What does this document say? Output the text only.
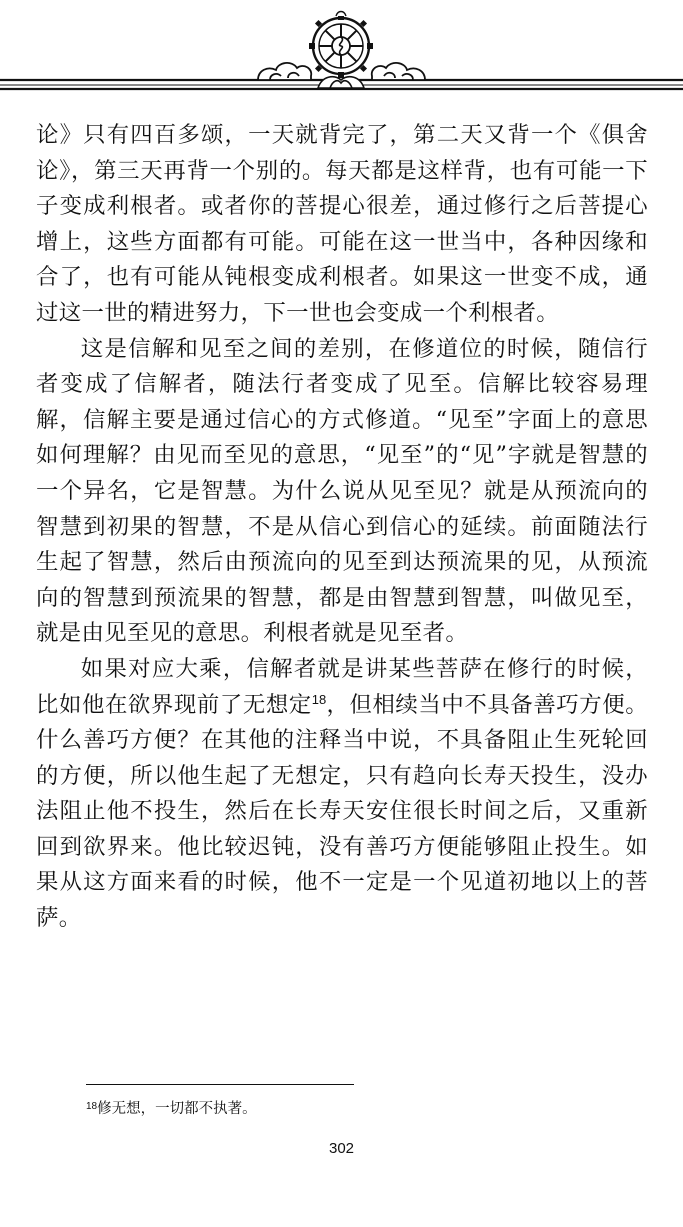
论》只有四百多颂，一天就背完了，第二天又背一个《俱舍论》，第三天再背一个别的。每天都是这样背，也有可能一下子变成利根者。或者你的菩提心很差，通过修行之后菩提心增上，这些方面都有可能。可能在这一世当中，各种因缘和合了，也有可能从钝根变成利根者。如果这一世变不成，通过这一世的精进努力，下一世也会变成一个利根者。

这是信解和见至之间的差别，在修道位的时候，随信行者变成了信解者，随法行者变成了见至。信解比较容易理解，信解主要是通过信心的方式修道。“见至”字面上的意思如何理解？由见而至见的意思，“见至”的“见”字就是智慧的一个异名，它是智慧。为什么说从见至见？就是从预流向的智慧到初果的智慧，不是从信心到信心的延续。前面随法行生起了智慧，然后由预流向的见至到达预流果的见，从预流向的智慧到预流果的智慧，都是由智慧到智慧，叫做见至，就是由见至见的意思。利根者就是见至者。

如果对应大乘，信解者就是讲某些菩萨在修行的时候，比如他在欲界现前了无想定$^{18}$，但相续当中不具备善巧方便。什么善巧方便？在其他的注释当中说，不具备阻止生死轮回的方便，所以他生起了无想定，只有趋向长寿天投生，没办法阻止他不投生，然后在长寿天安住很长时间之后，又重新回到欲界来。他比较迟钝，没有善巧方便能够阻止投生。如果从这方面来看的时候，他不一定是一个见道初地以上的菩萨。

$^{18}$修无想，一切都不执著。
302
